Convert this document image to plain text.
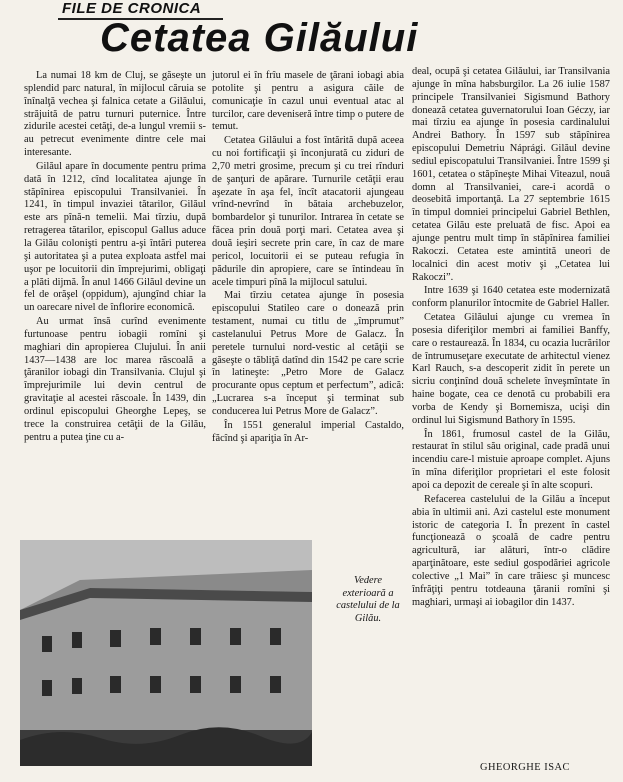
FILE DE CRONICA
Cetatea Gilăului

La numai 18 km de Cluj, se găseşte un splendid parc natural, în mijlocul căruia se înînalţă vechea şi falnica cetate a Gilăului, străjuită de patru turnuri puternice. Între zidurile acestei cetăţi, de-a lungul vremii s-au petrecut evenimente dintre cele mai interesante.

Gilăul apare în documente pentru prima dată în 1212, cînd localitatea ajunge în stăpînirea episcopului Transilvaniei. În 1241, în timpul invaziei tătarilor, Gilăul este ars pînă-n temelii. Mai tîrziu, după retragerea tătarilor, episcopul Gallus aduce la Gilău colonişti pentru a-şi întări puterea şi autoritatea şi a putea exploata astfel mai uşor pe locuitorii din împrejurimi, obligaţi a plăti dijmă. În anul 1466 Gilăul devine un fel de orăşel (oppidum), ajungînd chiar la un oarecare nivel de înflorire economică.

Au urmat însă curînd evenimente furtunoase pentru iobagii romîni şi maghiari din apropierea Clujului. În anii 1437—1438 are loc marea răscoală a ţăranilor iobagi din Transilvania. Clujul şi împrejurimile lui devin centrul de gravitaţie al acestei răscoale. În 1439, din ordinul episcopului Gheorghe Lepeş, se trece la construirea cetăţii de la Gilău, pentru a putea ţine cu a-

jutorul ei în frîu masele de ţărani iobagi abia potolite şi pentru a asigura căile de comunicaţie în cazul unui eventual atac al turcilor, care deveniseră între timp o putere de temut.

Cetatea Gilăului a fost întărită după aceea cu noi fortificaţii şi înconjurată cu ziduri de 2,70 metri grosime, precum şi cu trei rînduri de şanţuri de apărare. Turnurile cetăţii erau aşezate în aşa fel, încît atacatorii ajungeau vrînd-nevrînd în bătaia archebuzelor, bombardelor şi tunurilor. Intrarea în cetate se făcea prin două porţi mari. Cetatea avea şi două ieşiri secrete prin care, în caz de mare pericol, locuitorii ei se puteau refugia în pădurile din apropiere, care se întindeau în acele timpuri pînă la mijlocul satului.

Mai tîrziu cetatea ajunge în posesia episcopului Statileo care o donează prin testament, numai cu titlu de „împrumut” castelanului Petrus More de Galacz. În peretele turnului nord-vestic al cetăţii se găseşte o tăbliţă datînd din 1542 pe care scrie în latineşte: „Petro More de Galacz procurante opus ceptum et perfectum”, adică: „Lucrarea s-a început şi terminat sub conducerea lui Petrus More de Galacz”.

În 1551 generalul imperial Castaldo, făcînd şi apariţia în Ar-

deal, ocupă şi cetatea Gilăului, iar Transilvania ajunge în mîna habsburgilor. La 26 iulie 1587 principele Transilvaniei Sigismund Bathory donează cetatea guvernatorului Ioan Géczy, iar mai tîrziu ea ajunge în posesia cardinalului Andrei Bathory. În 1597 sub stăpînirea episcopului Demetriu Náprági. Gilăul devine sediul episcopatului Transilvaniei. Între 1599 şi 1601, cetatea o stăpîneşte Mihai Viteazul, nouâ domn al Transilvaniei, care-i acordă o deosebită importanţă. La 27 septembrie 1615 în timpul domniei principelui Gabriel Bethlen, cetatea Gilău este preluată de fisc. Apoi ea ajunge pentru mult timp în stăpînirea familiei Rakoczi. Cetatea este amintită uneori de localnici din acest motiv şi „Cetatea lui Rakoczi”.

Intre 1639 şi 1640 cetatea este modernizată conform planurilor întocmite de Gabriel Haller.

Cetatea Gilăului ajunge cu vremea în posesia diferiţilor membri ai familiei Banffy, care o restaurează. În 1834, cu ocazia lucrărilor de întrumuseţare executate de arhitectul vienez Karl Rauch, s-a descoperit zidit în perete un sicriu conţinînd două schelete înveşmîntate în haine bogate, cea ce denotă cu probabili era vorba de Kendy şi Bornemisza, ucişi din ordinul lui Sigismund Bathory în 1595.

În 1861, frumosul castel de la Gilău, restaurat în stilul său original, cade pradă unui incendiu care-l mistuie aproape complet. Ajuns în mîna diferiţilor proprietari el este folosit apoi ca depozit de cereale şi în alte scopuri.

Refacerea castelului de la Gilău a început abia în ultimii ani. Azi castelul este monument istoric de categoria I. În prezent în castel funcţionează o şcoală de cadre pentru agricultură, iar alături, într-o clădire aparţinătoare, este sediul gospodăriei agricole colective „1 Mai” în care trăiesc şi muncesc înfrăţiţi pentru totdeauna ţăranii romîni şi maghiari, urmaşi ai iobagilor din 1437.

Vedere exterioară a castelului de la Gilău.
GHEORGHE ISAC
